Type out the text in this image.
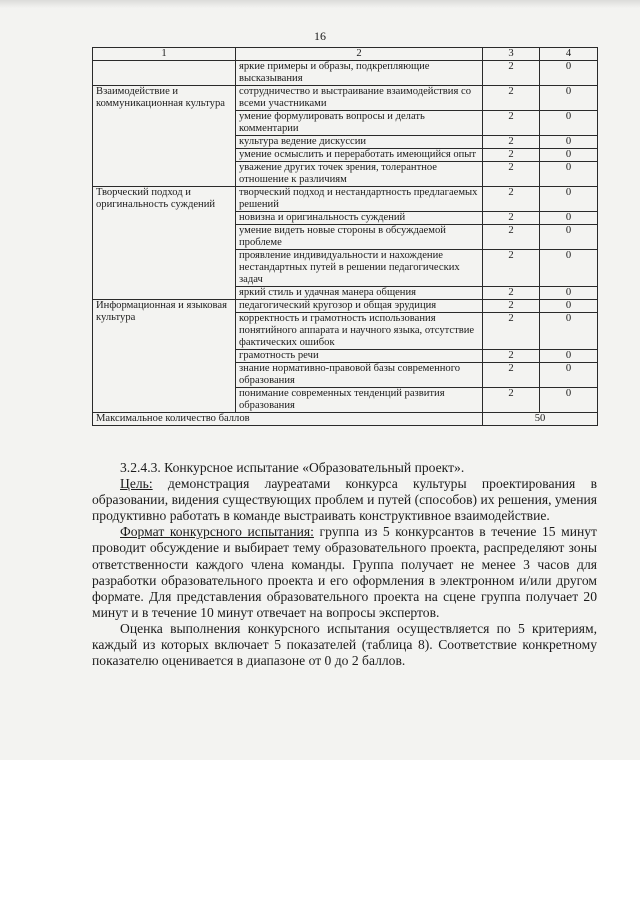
16
1	2	3	4
	яркие примеры и образы, подкрепляющие высказывания	2	0
Взаимодействие и коммуникационная культура	сотрудничество и выстраивание взаимодействия со всеми участниками	2	0
	умение формулировать вопросы и делать комментарии	2	0
	культура ведение дискуссии	2	0
	умение осмыслить и переработать имеющийся опыт	2	0
	уважение других точек зрения, толерантное отношение к различиям	2	0
Творческий подход и оригинальность суждений	творческий подход и нестандартность предлагаемых решений	2	0
	новизна и оригинальность суждений	2	0
	умение видеть новые стороны в обсуждаемой проблеме	2	0
	проявление индивидуальности и нахождение нестандартных путей в решении педагогических задач	2	0
	яркий стиль и удачная манера общения	2	0
Информационная и языковая культура	педагогический кругозор и общая эрудиция	2	0
	корректность и грамотность использования понятийного аппарата и научного языка, отсутствие фактических ошибок	2	0
	грамотность речи	2	0
	знание нормативно-правовой базы современного образования	2	0
	понимание современных тенденций развития образования	2	0
Максимальное количество баллов		50	

3.2.4.3. Конкурсное испытание «Образовательный проект».

Цель: демонстрация лауреатами конкурса культуры проектирования в образовании, видения существующих проблем и путей (способов) их решения, умения продуктивно работать в команде выстраивать конструктивное взаимодействие.

Формат конкурсного испытания: группа из 5 конкурсантов в течение 15 минут проводит обсуждение и выбирает тему образовательного проекта, распределяют зоны ответственности каждого члена команды. Группа получает не менее 3 часов для разработки образовательного проекта и его оформления в электронном и/или другом формате. Для представления образовательного проекта на сцене группа получает 20 минут и в течение 10 минут отвечает на вопросы экспертов.

Оценка выполнения конкурсного испытания осуществляется по 5 критериям, каждый из которых включает 5 показателей (таблица 8). Соответствие конкретному показателю оценивается в диапазоне от 0 до 2 баллов.
